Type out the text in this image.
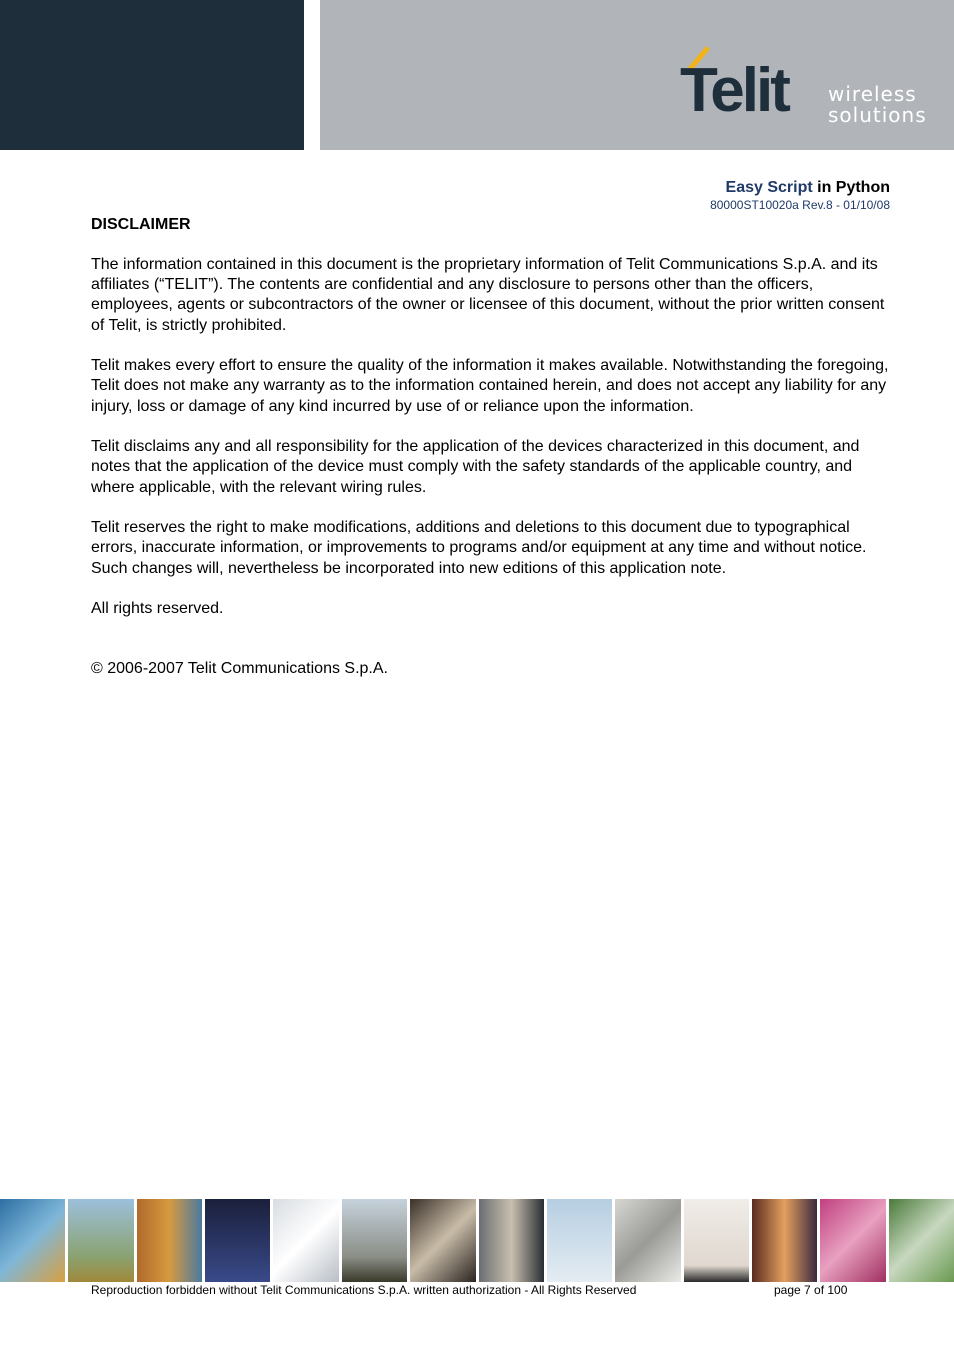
Telit wireless
solutions
Easy Script in Python
80000ST10020a Rev.8 - 01/10/08
DISCLAIMER

The information contained in this document is the proprietary information of Telit Communications S.p.A. and its affiliates (“TELIT”). The contents are confidential and any disclosure to persons other than the officers, employees, agents or subcontractors of the owner or licensee of this document, without the prior written consent of Telit, is strictly prohibited.

Telit makes every effort to ensure the quality of the information it makes available. Notwithstanding the foregoing, Telit does not make any warranty as to the information contained herein, and does not accept any liability for any injury, loss or damage of any kind incurred by use of or reliance upon the information.

Telit disclaims any and all responsibility for the application of the devices characterized in this document, and notes that the application of the device must comply with the safety standards of the applicable country, and where applicable, with the relevant wiring rules.

Telit reserves the right to make modifications, additions and deletions to this document due to typographical errors, inaccurate information, or improvements to programs and/or equipment at any time and without notice. Such changes will, nevertheless be incorporated into new editions of this application note.

All rights reserved.

© 2006-2007 Telit Communications S.p.A.

Reproduction forbidden without Telit Communications S.p.A. written authorization - All Rights Reserved	page 7 of 100
